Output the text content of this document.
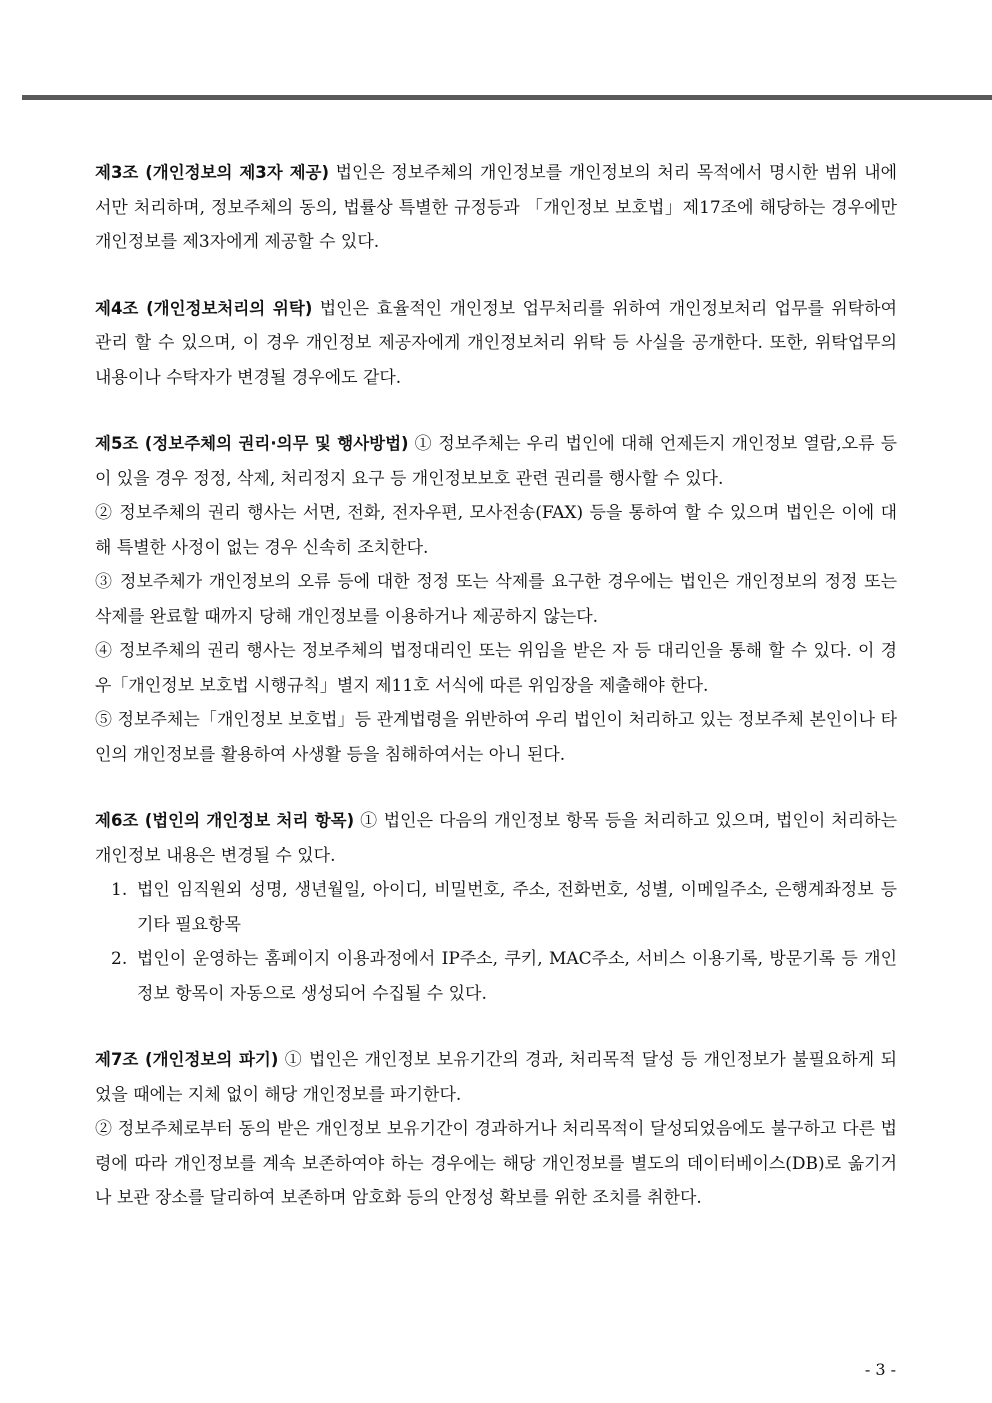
제3조 (개인정보의 제3자 제공) 법인은 정보주체의 개인정보를 개인정보의 처리 목적에서 명시한 범위 내에서만 처리하며, 정보주체의 동의, 법률상 특별한 규정등과 「개인정보 보호법」제17조에 해당하는 경우에만 개인정보를 제3자에게 제공할 수 있다.

제4조 (개인정보처리의 위탁) 법인은 효율적인 개인정보 업무처리를 위하여 개인정보처리 업무를 위탁하여 관리 할 수 있으며, 이 경우 개인정보 제공자에게 개인정보처리 위탁 등 사실을 공개한다. 또한, 위탁업무의 내용이나 수탁자가 변경될 경우에도 같다.

제5조 (정보주체의 권리·의무 및 행사방법) ① 정보주체는 우리 법인에 대해 언제든지 개인정보 열람,오류 등이 있을 경우 정정, 삭제, 처리정지 요구 등 개인정보보호 관련 권리를 행사할 수 있다.

② 정보주체의 권리 행사는 서면, 전화, 전자우편, 모사전송(FAX) 등을 통하여 할 수 있으며 법인은 이에 대해 특별한 사정이 없는 경우 신속히 조치한다.

③ 정보주체가 개인정보의 오류 등에 대한 정정 또는 삭제를 요구한 경우에는 법인은 개인정보의 정정 또는 삭제를 완료할 때까지 당해 개인정보를 이용하거나 제공하지 않는다.

④ 정보주체의 권리 행사는 정보주체의 법정대리인 또는 위임을 받은 자 등 대리인을 통해 할 수 있다. 이 경우「개인정보 보호법 시행규칙」별지 제11호 서식에 따른 위임장을 제출해야 한다.

⑤ 정보주체는「개인정보 보호법」등 관계법령을 위반하여 우리 법인이 처리하고 있는 정보주체 본인이나 타인의 개인정보를 활용하여 사생활 등을 침해하여서는 아니 된다.

제6조 (법인의 개인정보 처리 항목) ① 법인은 다음의 개인정보 항목 등을 처리하고 있으며, 법인이 처리하는 개인정보 내용은 변경될 수 있다.

1. 법인 임직원외 성명, 생년월일, 아이디, 비밀번호, 주소, 전화번호, 성별, 이메일주소, 은행계좌정보 등 기타 필요항목
2. 법인이 운영하는 홈페이지 이용과정에서 IP주소, 쿠키, MAC주소, 서비스 이용기록, 방문기록 등 개인정보 항목이 자동으로 생성되어 수집될 수 있다.

제7조 (개인정보의 파기) ① 법인은 개인정보 보유기간의 경과, 처리목적 달성 등 개인정보가 불필요하게 되었을 때에는 지체 없이 해당 개인정보를 파기한다.

② 정보주체로부터 동의 받은 개인정보 보유기간이 경과하거나 처리목적이 달성되었음에도 불구하고 다른 법령에 따라 개인정보를 계속 보존하여야 하는 경우에는 해당 개인정보를 별도의 데이터베이스(DB)로 옮기거나 보관 장소를 달리하여 보존하며 암호화 등의 안정성 확보를 위한 조치를 취한다.

- 3 -
